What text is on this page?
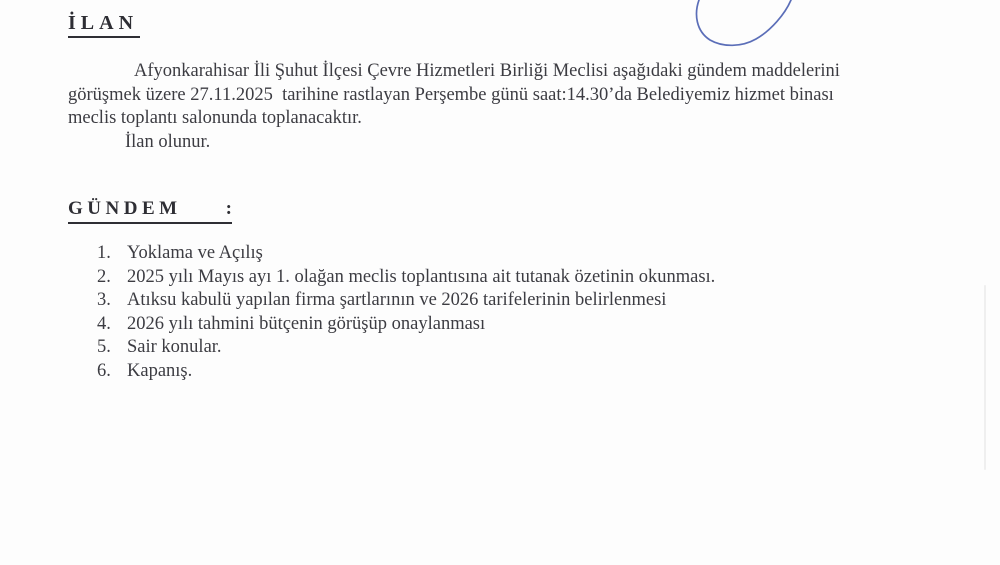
İLAN
Afyonkarahisar İli Şuhut İlçesi Çevre Hizmetleri Birliği Meclisi aşağıdaki gündem maddelerini
görüşmek üzere 27.11.2025  tarihine rastlayan Perşembe günü saat:14.30’da Belediyemiz hizmet binası
meclis toplantı salonunda toplanacaktır.
İlan olunur.
GÜNDEM :
1. Yoklama ve Açılış
2. 2025 yılı Mayıs ayı 1. olağan meclis toplantısına ait tutanak özetinin okunması.
3. Atıksu kabulü yapılan firma şartlarının ve 2026 tarifelerinin belirlenmesi
4. 2026 yılı tahmini bütçenin görüşüp onaylanması
5. Sair konular.
6. Kapanış.
